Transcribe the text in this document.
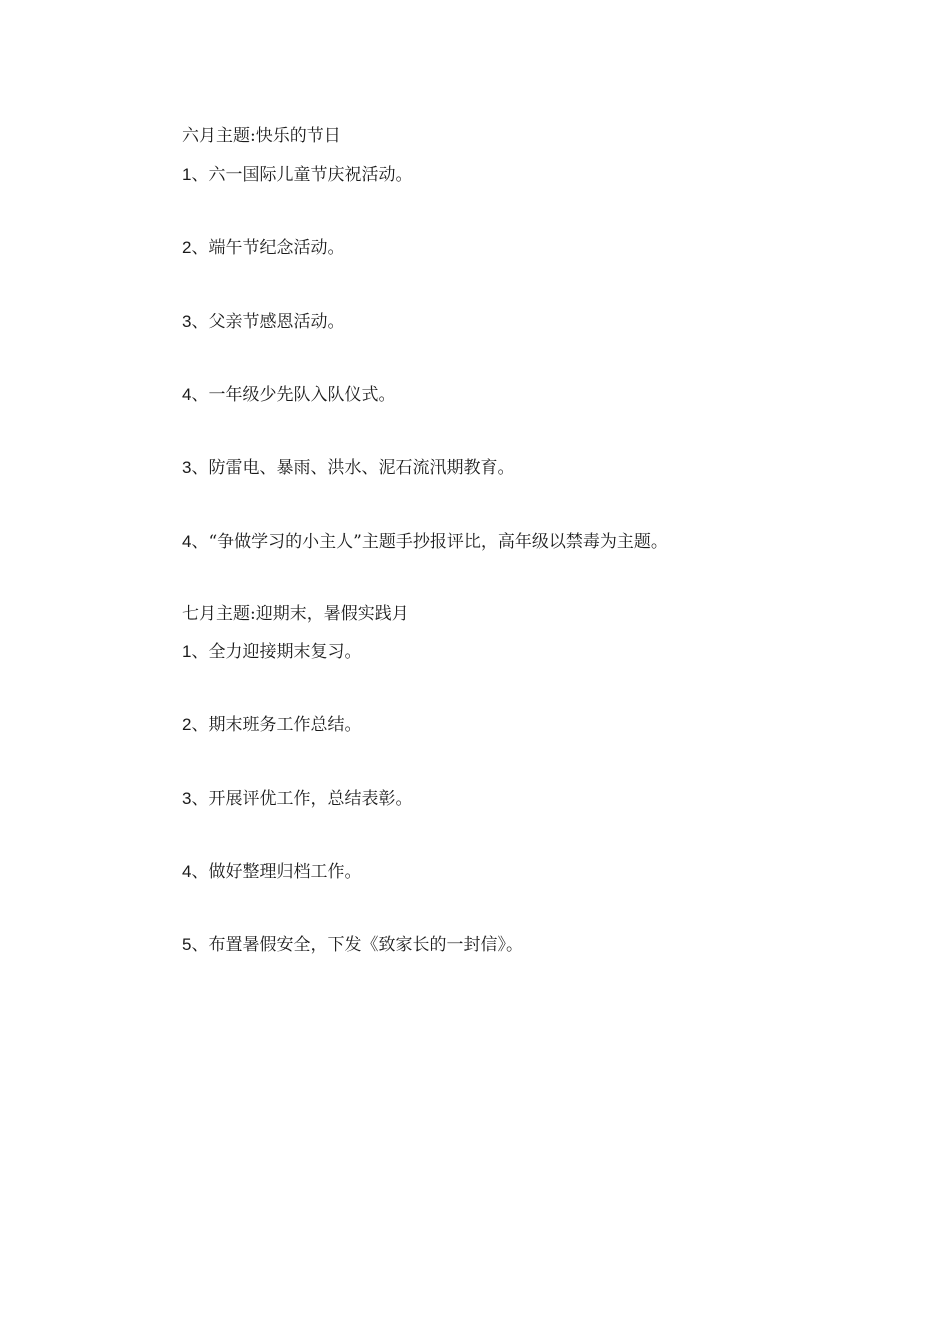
六月主题:快乐的节日
1、六一国际儿童节庆祝活动。
2、端午节纪念活动。
3、父亲节感恩活动。
4、一年级少先队入队仪式。
3、防雷电、暴雨、洪水、泥石流汛期教育。
4、“争做学习的小主人”主题手抄报评比，高年级以禁毒为主题。
七月主题:迎期末，暑假实践月
1、全力迎接期末复习。
2、期末班务工作总结。
3、开展评优工作，总结表彰。
4、做好整理归档工作。
5、布置暑假安全，下发《致家长的一封信》。
